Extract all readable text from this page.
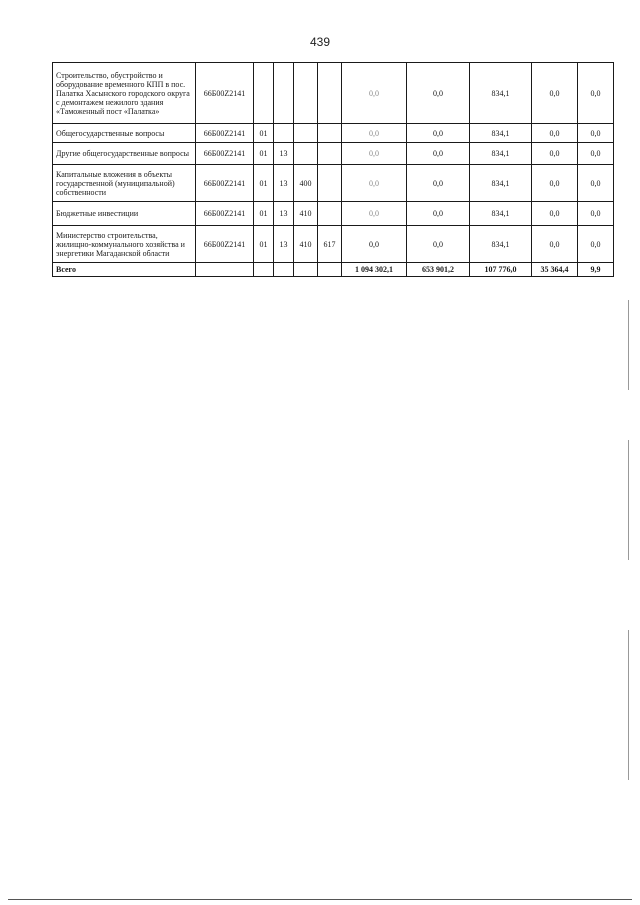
439
Строительство, обустройство и оборудование временного КПП в пос. Палатка Хасынского городского округа с демонтажем нежилого здания «Таможенный пост «Палатка»	66Б00Z2141					0,0	0,0	834,1	0,0	0,0
Общегосударственные вопросы	66Б00Z2141	01				0,0	0,0	834,1	0,0	0,0
Другие общегосударственные вопросы	66Б00Z2141	01	13			0,0	0,0	834,1	0,0	0,0
Капитальные вложения в объекты государственной (муниципальной) собственности	66Б00Z2141	01	13	400		0,0	0,0	834,1	0,0	0,0
Бюджетные инвестиции	66Б00Z2141	01	13	410		0,0	0,0	834,1	0,0	0,0
Министерство строительства, жилищно-коммунального хозяйства и энергетики Магаданской области	66Б00Z2141	01	13	410	617	0,0	0,0	834,1	0,0	0,0
Всего						1 094 302,1	653 901,2	107 776,0	35 364,4	9,9
